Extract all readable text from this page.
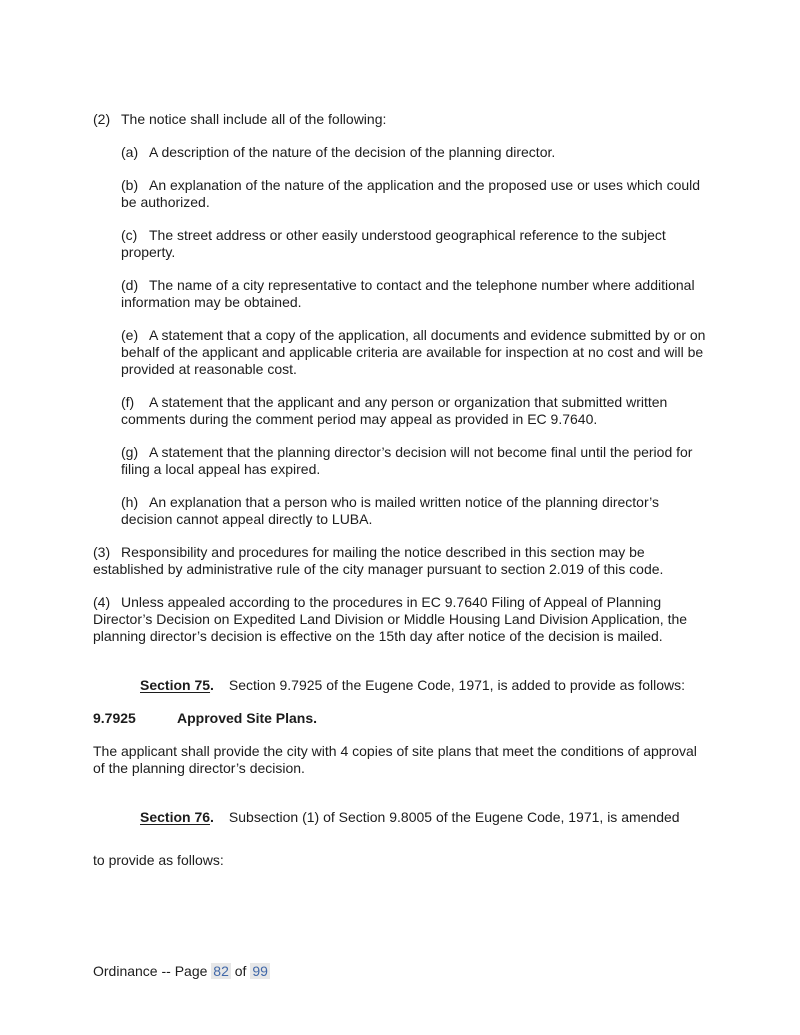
(2) The notice shall include all of the following:

(a) A description of the nature of the decision of the planning director.

(b) An explanation of the nature of the application and the proposed use or uses which could be authorized.

(c) The street address or other easily understood geographical reference to the subject property.

(d) The name of a city representative to contact and the telephone number where additional information may be obtained.

(e) A statement that a copy of the application, all documents and evidence submitted by or on behalf of the applicant and applicable criteria are available for inspection at no cost and will be provided at reasonable cost.

(f) A statement that the applicant and any person or organization that submitted written comments during the comment period may appeal as provided in EC 9.7640.

(g) A statement that the planning director’s decision will not become final until the period for filing a local appeal has expired.

(h) An explanation that a person who is mailed written notice of the planning director’s decision cannot appeal directly to LUBA.

(3) Responsibility and procedures for mailing the notice described in this section may be established by administrative rule of the city manager pursuant to section 2.019 of this code.

(4) Unless appealed according to the procedures in EC 9.7640 Filing of Appeal of Planning Director’s Decision on Expedited Land Division or Middle Housing Land Division Application, the planning director’s decision is effective on the 15th day after notice of the decision is mailed.

Section 75. Section 9.7925 of the Eugene Code, 1971, is added to provide as follows:

9.7925	Approved Site Plans.

The applicant shall provide the city with 4 copies of site plans that meet the conditions of approval of the planning director’s decision.

Section 76. Subsection (1) of Section 9.8005 of the Eugene Code, 1971, is amended

to provide as follows:

Ordinance -- Page 82 of 99
